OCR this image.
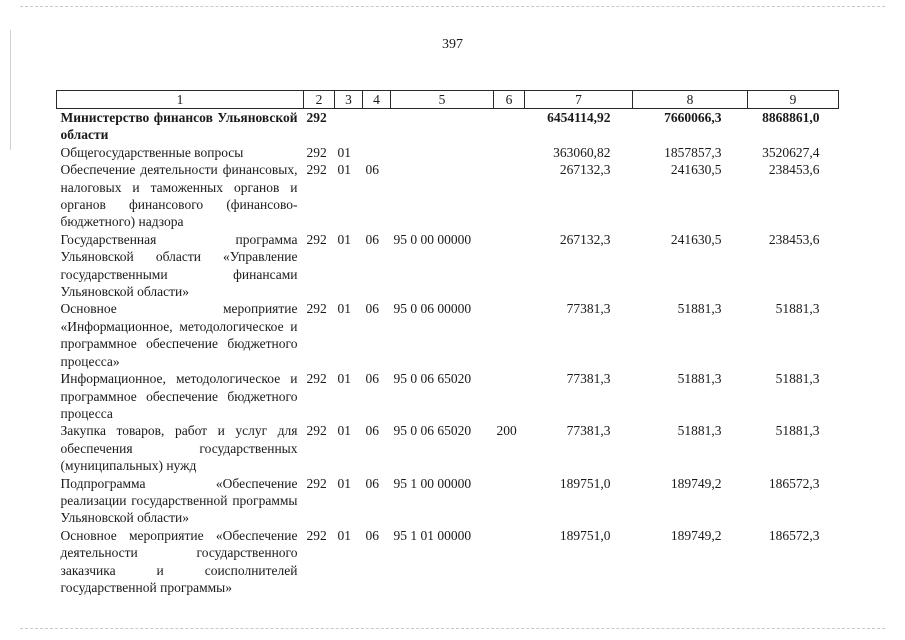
397
1	2	3	4	5	6	7	8	9
Министерство финансов Ульяновской области	292					6454114,92	7660066,3	8868861,0
Общегосударственные вопросы	292	01				363060,82	1857857,3	3520627,4
Обеспечение деятельности финансовых, налоговых и таможенных органов и органов финансового (финансово-бюджетного) надзора	292	01	06			267132,3	241630,5	238453,6
Государственная программа Ульяновской области «Управление государственными финансами Ульяновской области»	292	01	06	95 0 00 00000		267132,3	241630,5	238453,6
Основное мероприятие «Информационное, методологическое и программное обеспечение бюджетного процесса»	292	01	06	95 0 06 00000		77381,3	51881,3	51881,3
Информационное, методологическое и программное обеспечение бюджетного процесса	292	01	06	95 0 06 65020		77381,3	51881,3	51881,3
Закупка товаров, работ и услуг для обеспечения государственных (муниципальных) нужд	292	01	06	95 0 06 65020	200	77381,3	51881,3	51881,3
Подпрограмма «Обеспечение реализации государственной программы Ульяновской области»	292	01	06	95 1 00 00000		189751,0	189749,2	186572,3
Основное мероприятие «Обеспечение деятельности государственного заказчика и соисполнителей государственной программы»	292	01	06	95 1 01 00000		189751,0	189749,2	186572,3
